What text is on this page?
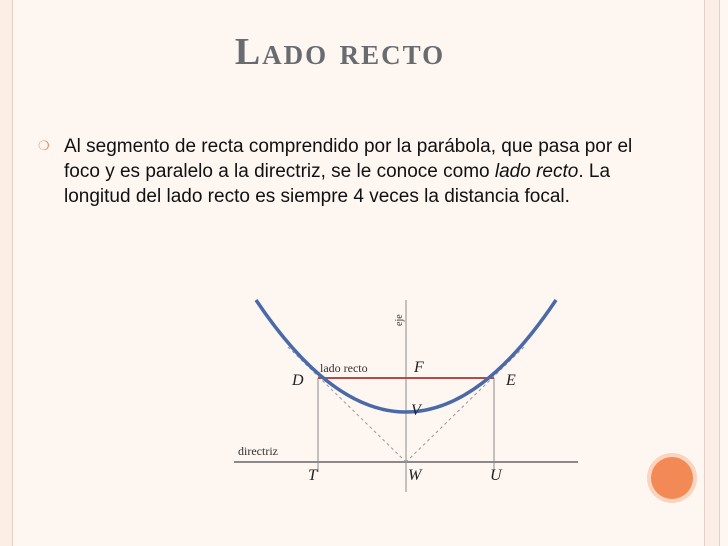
Lado recto
❍ Al segmento de recta comprendido por la parábola, que pasa por el foco y es paralelo a la directriz, se le conoce como lado recto. La longitud del lado recto es siempre 4 veces la distancia focal.
eje
lado recto
directriz
D	E
F
V
T	W	U
